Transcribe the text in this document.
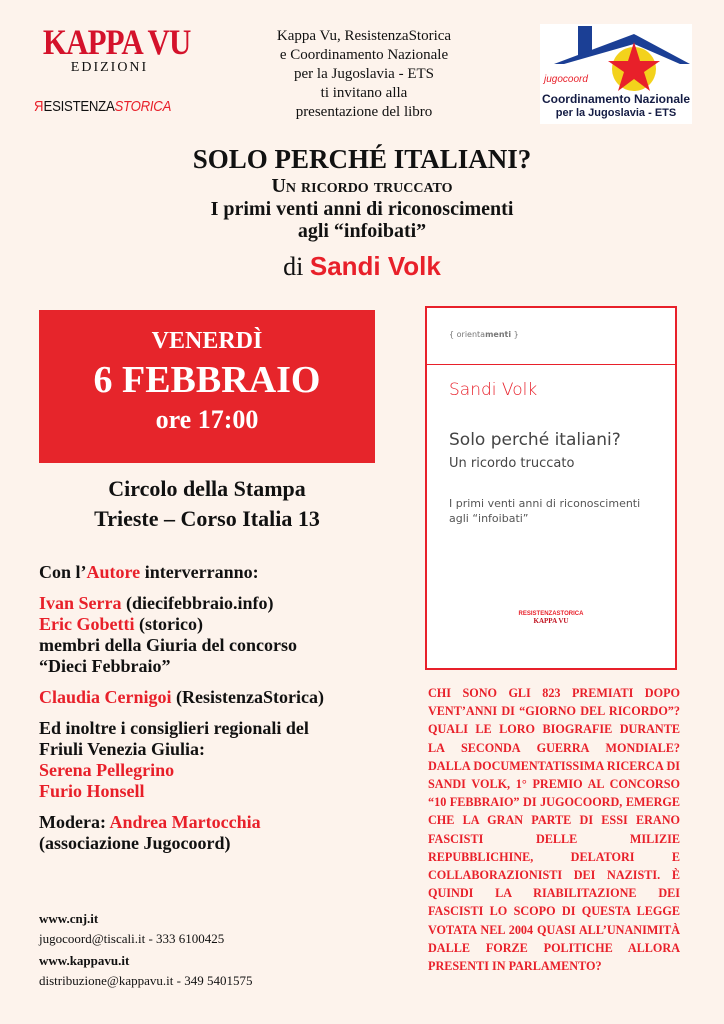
KAPPA VU
EDIZIONI
RESISTENZASTORICA
Kappa Vu, ResistenzaStorica
e Coordinamento Nazionale
per la Jugoslavia - ETS
ti invitano alla
presentazione del libro
jugocoord
Coordinamento Nazionale
per la Jugoslavia - ETS
SOLO PERCHÉ ITALIANI?
Un ricordo truccato
I primi venti anni di riconoscimenti
agli “infoibati”
di Sandi Volk
VENERDÌ
6 FEBBRAIO
ore 17:00
Circolo della Stampa
Trieste – Corso Italia 13
Con l’Autore interverranno:
Ivan Serra (diecifebbraio.info)
Eric Gobetti (storico)
membri della Giuria del concorso
“Dieci Febbraio”
Claudia Cernigoi (ResistenzaStorica)
Ed inoltre i consiglieri regionali del
Friuli Venezia Giulia:
Serena Pellegrino
Furio Honsell
Modera: Andrea Martocchia
(associazione Jugocoord)
www.cnj.it
jugocoord@tiscali.it - 333 6100425
www.kappavu.it
distribuzione@kappavu.it - 349 5401575
{ orientamenti }
Sandi Volk
Solo perché italiani?
Un ricordo truccato
I primi venti anni di riconoscimenti agli “infoibati”
RESISTENZASTORICA
KAPPA VU
CHI SONO GLI 823 PREMIATI DOPO VENT’ANNI DI “GIORNO DEL RICORDO”? QUALI LE LORO BIOGRAFIE DURANTE LA SECONDA GUERRA MONDIALE? DALLA DOCUMENTATISSIMA RICERCA DI SANDI VOLK, 1° PREMIO AL CONCORSO “10 FEBBRAIO” DI JUGOCOORD, EMERGE CHE LA GRAN PARTE DI ESSI ERANO FASCISTI DELLE MILIZIE REPUBBLICHINE, DELATORI E COLLABORAZIONISTI DEI NAZISTI. È QUINDI LA RIABILITAZIONE DEI FASCISTI LO SCOPO DI QUESTA LEGGE VOTATA NEL 2004 QUASI ALL’UNANIMITÀ DALLE FORZE POLITICHE ALLORA PRESENTI IN PARLAMENTO?
